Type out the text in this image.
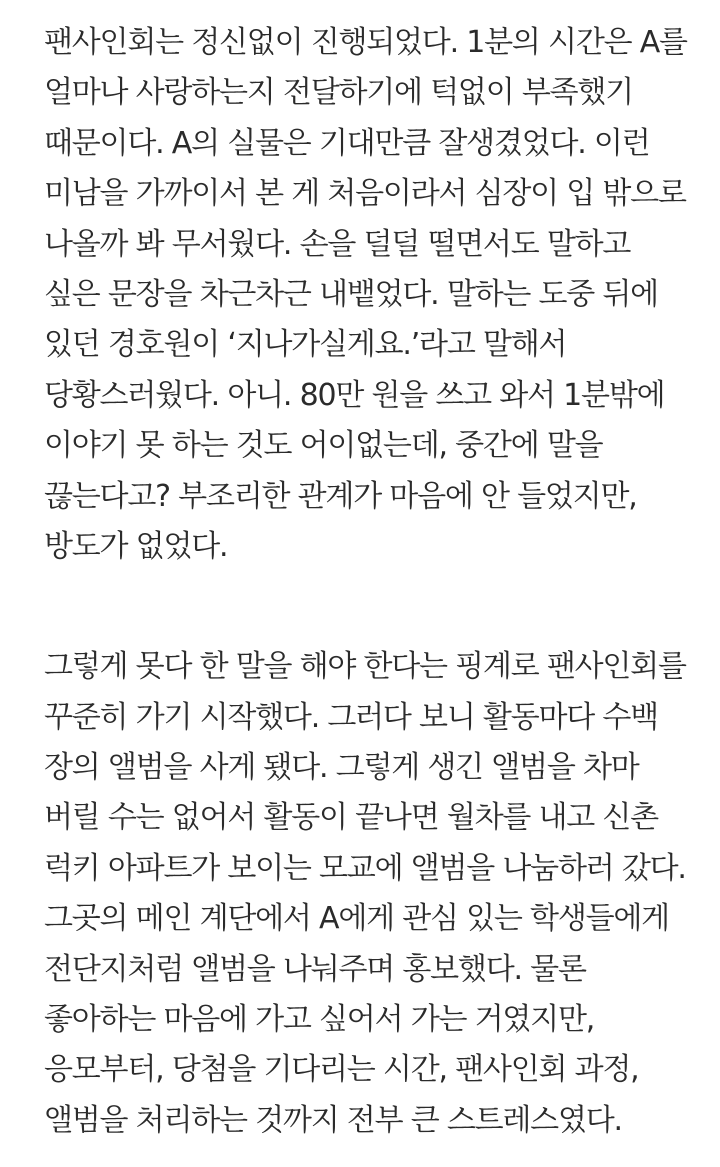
팬사인회는 정신없이 진행되었다. 1분의 시간은 A를
얼마나 사랑하는지 전달하기에 턱없이 부족했기
때문이다. A의 실물은 기대만큼 잘생겼었다. 이런
미남을 가까이서 본 게 처음이라서 심장이 입 밖으로
나올까 봐 무서웠다. 손을 덜덜 떨면서도 말하고
싶은 문장을 차근차근 내뱉었다. 말하는 도중 뒤에
있던 경호원이 ‘지나가실게요.’라고 말해서
당황스러웠다. 아니. 80만 원을 쓰고 와서 1분밖에
이야기 못 하는 것도 어이없는데, 중간에 말을
끊는다고? 부조리한 관계가 마음에 안 들었지만,
방도가 없었다.
그렇게 못다 한 말을 해야 한다는 핑계로 팬사인회를
꾸준히 가기 시작했다. 그러다 보니 활동마다 수백
장의 앨범을 사게 됐다. 그렇게 생긴 앨범을 차마
버릴 수는 없어서 활동이 끝나면 월차를 내고 신촌
럭키 아파트가 보이는 모교에 앨범을 나눔하러 갔다.
그곳의 메인 계단에서 A에게 관심 있는 학생들에게
전단지처럼 앨범을 나눠주며 홍보했다. 물론
좋아하는 마음에 가고 싶어서 가는 거였지만,
응모부터, 당첨을 기다리는 시간, 팬사인회 과정,
앨범을 처리하는 것까지 전부 큰 스트레스였다.
